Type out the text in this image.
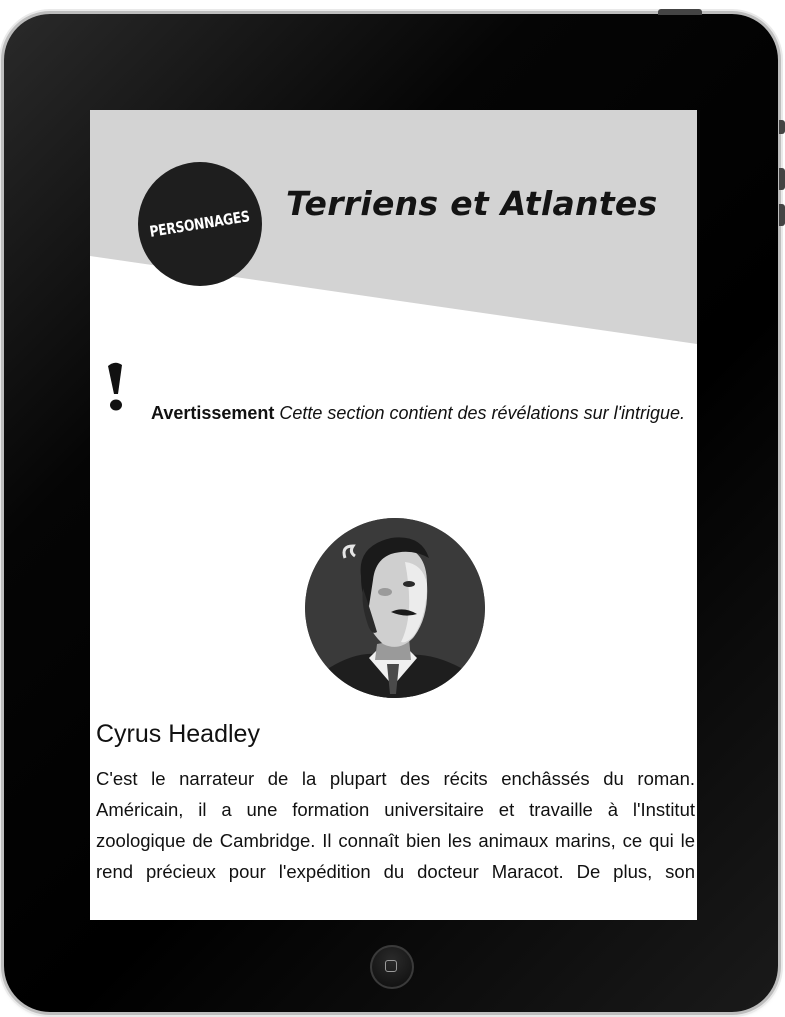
PERSONNAGES
Terriens et Atlantes

Avertissement Cette section contient des révélations sur l'intrigue.

Cyrus Headley

C'est le narrateur de la plupart des récits enchâssés du roman. Américain, il a une formation universitaire et travaille à l'Institut zoologique de Cambridge. Il connaît bien les animaux marins, ce qui le rend précieux pour l'expédition du docteur Maracot. De plus, son
